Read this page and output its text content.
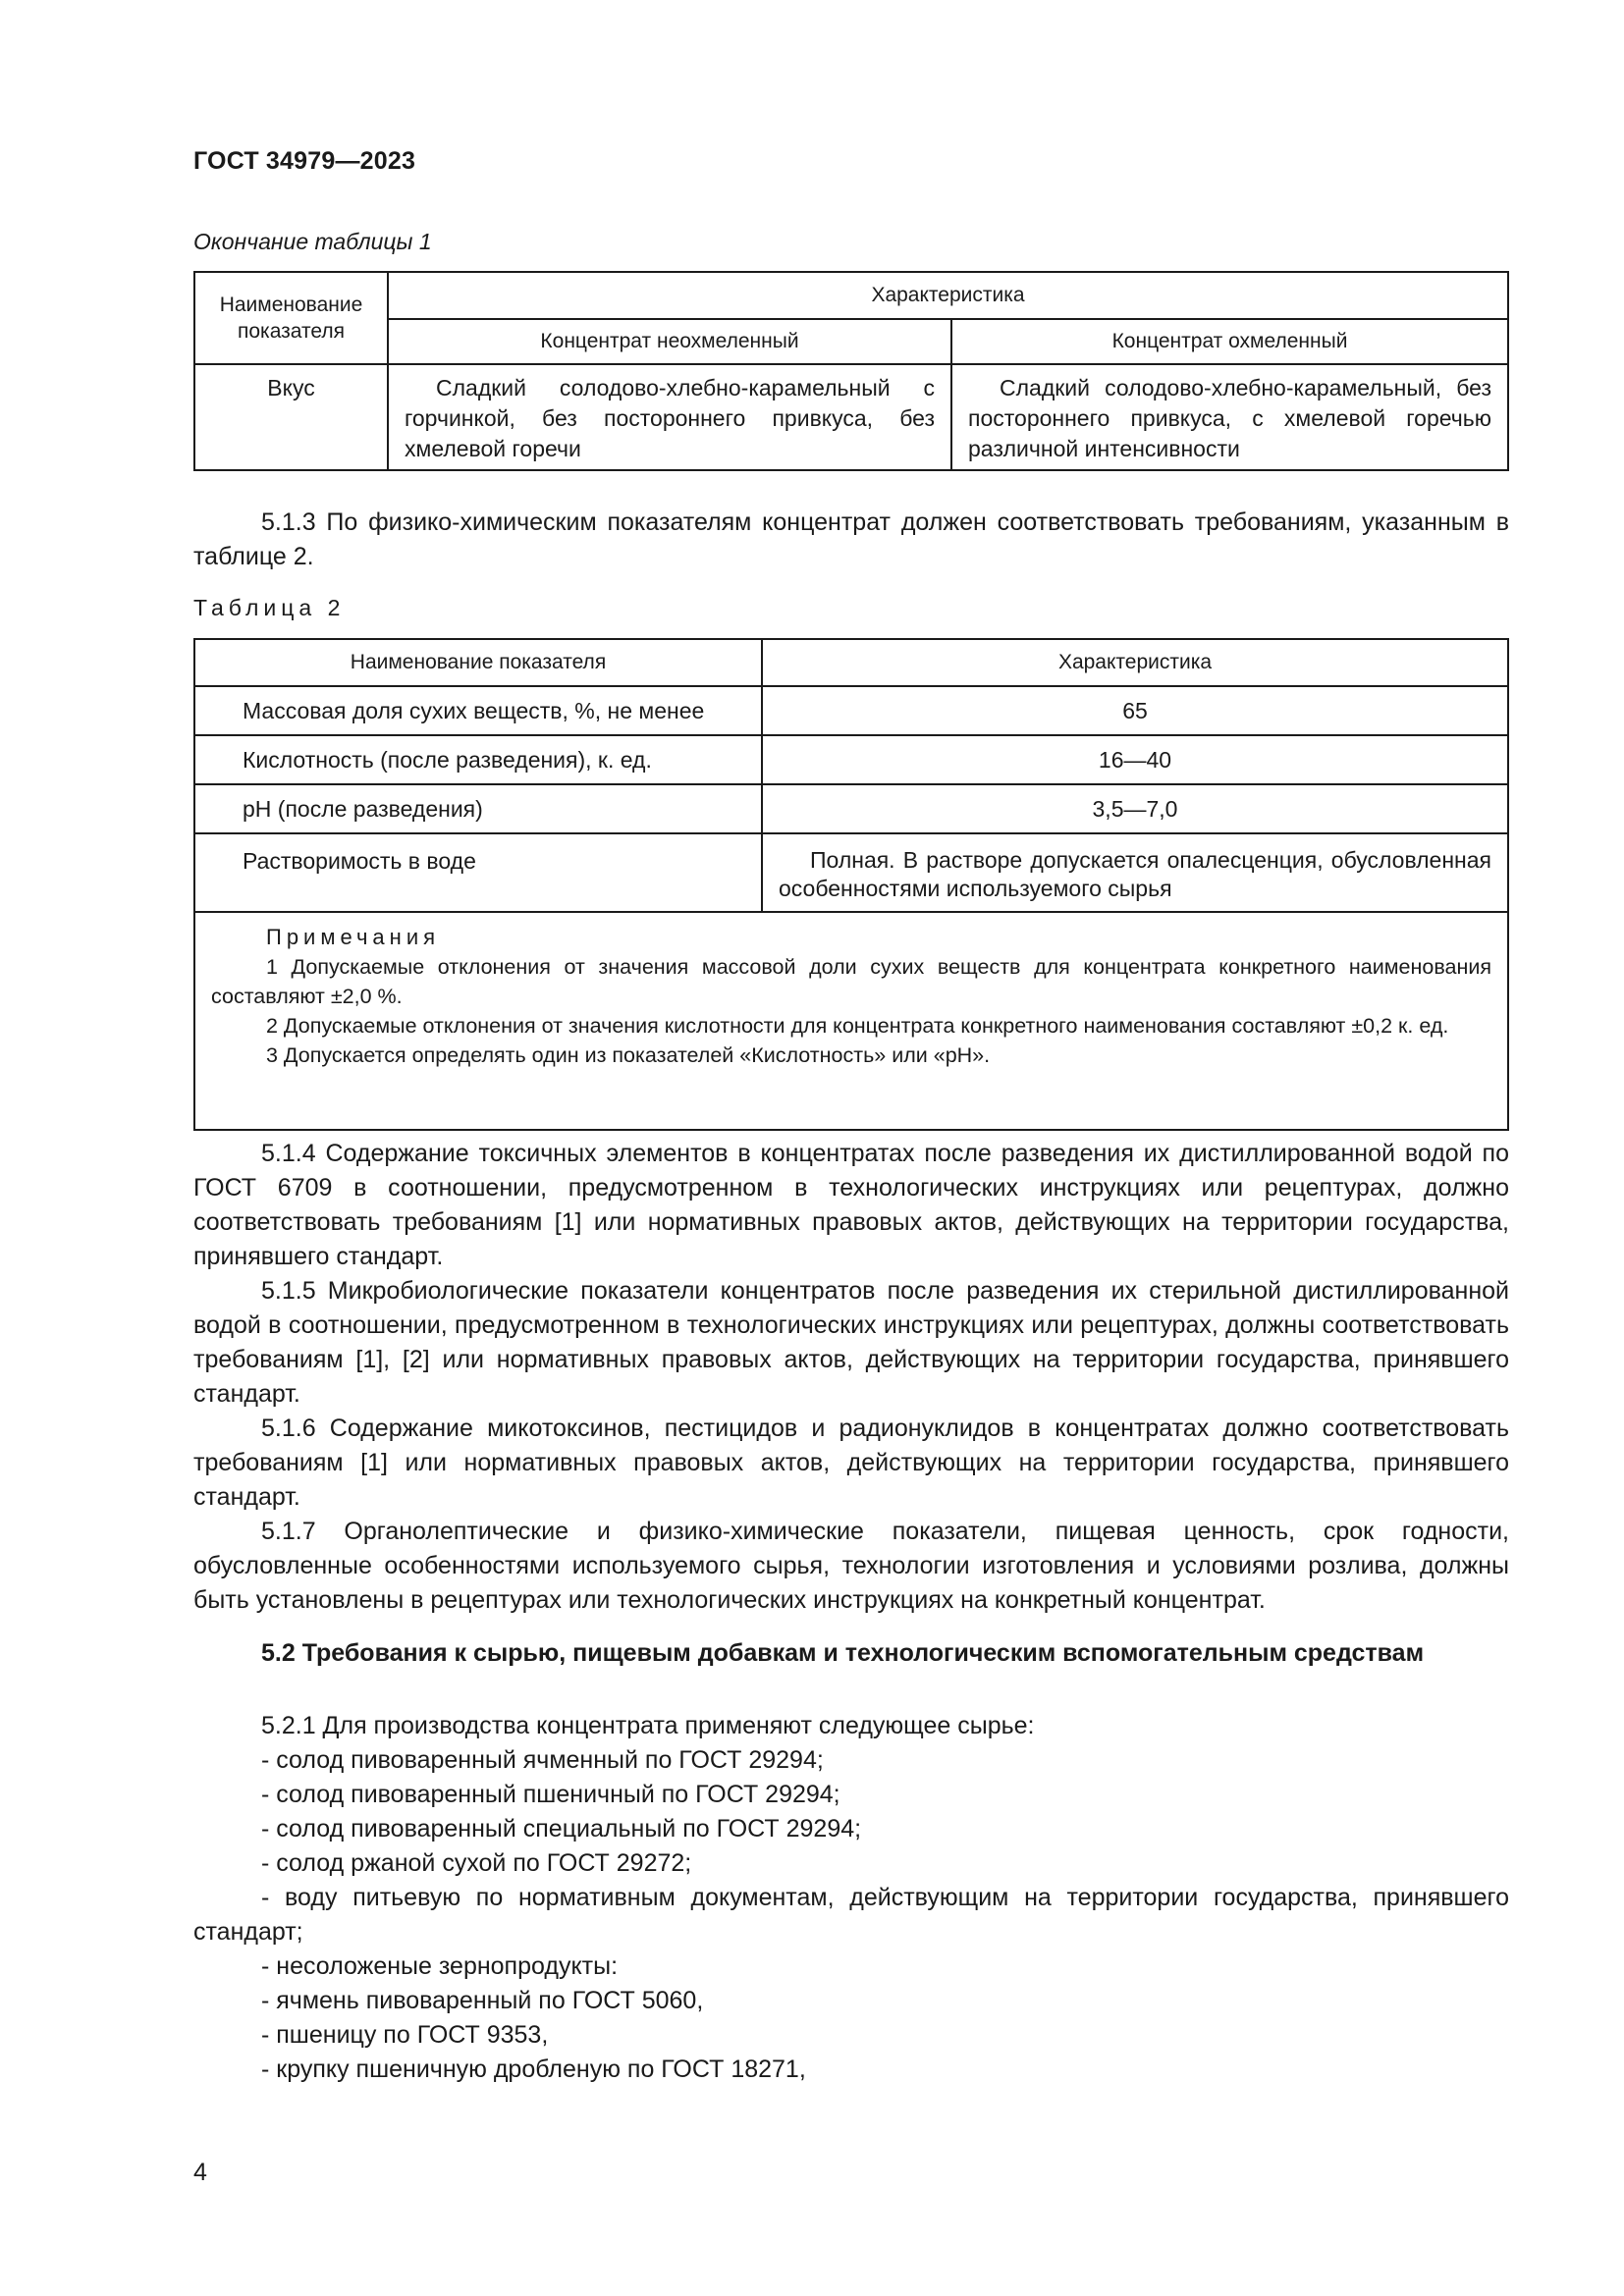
ГОСТ 34979—2023
Окончание таблицы 1
Наименование показателя	Характеристика	
	Концентрат неохмеленный	Концентрат охмеленный

Вкус	Сладкий солодово-хлебно-карамельный с горчинкой, без постороннего привкуса, без хмелевой горечи	Сладкий солодово-хлебно-карамельный, без постороннего привкуса, с хмелевой горечью различной интенсивности

5.1.3 По физико-химическим показателям концентрат должен соответствовать требованиям, указанным в таблице 2.

Таблица 2
Наименование показателя	Характеристика
Массовая доля сухих веществ, %, не менее	65
Кислотность (после разведения), к. ед.	16—40
pH (после разведения)	3,5—7,0

Растворимость в воде	Полная. В растворе допускается опалесценция, обусловленная особенностями используемого сырья

Примечания
1 Допускаемые отклонения от значения массовой доли сухих веществ для концентрата конкретного наименования составляют ±2,0 %.
2 Допускаемые отклонения от значения кислотности для концентрата конкретного наименования составляют ±0,2 к. ед.
3 Допускается определять один из показателей «Кислотность» или «pH».	

5.1.4 Содержание токсичных элементов в концентратах после разведения их дистиллированной водой по ГОСТ 6709 в соотношении, предусмотренном в технологических инструкциях или рецептурах, должно соответствовать требованиям [1] или нормативных правовых актов, действующих на территории государства, принявшего стандарт.

5.1.5 Микробиологические показатели концентратов после разведения их стерильной дистиллированной водой в соотношении, предусмотренном в технологических инструкциях или рецептурах, должны соответствовать требованиям [1], [2] или нормативных правовых актов, действующих на территории государства, принявшего стандарт.

5.1.6 Содержание микотоксинов, пестицидов и радионуклидов в концентратах должно соответствовать требованиям [1] или нормативных правовых актов, действующих на территории государства, принявшего стандарт.

5.1.7 Органолептические и физико-химические показатели, пищевая ценность, срок годности, обусловленные особенностями используемого сырья, технологии изготовления и условиями розлива, должны быть установлены в рецептурах или технологических инструкциях на конкретный концентрат.

5.2 Требования к сырью, пищевым добавкам и технологическим вспомогательным средствам

5.2.1 Для производства концентрата применяют следующее сырье:

- солод пивоваренный ячменный по ГОСТ 29294;

- солод пивоваренный пшеничный по ГОСТ 29294;

- солод пивоваренный специальный по ГОСТ 29294;

- солод ржаной сухой по ГОСТ 29272;

- воду питьевую по нормативным документам, действующим на территории государства, принявшего стандарт;

- несоложеные зернопродукты:

- ячмень пивоваренный по ГОСТ 5060,

- пшеницу по ГОСТ 9353,

- крупку пшеничную дробленую по ГОСТ 18271,

4
